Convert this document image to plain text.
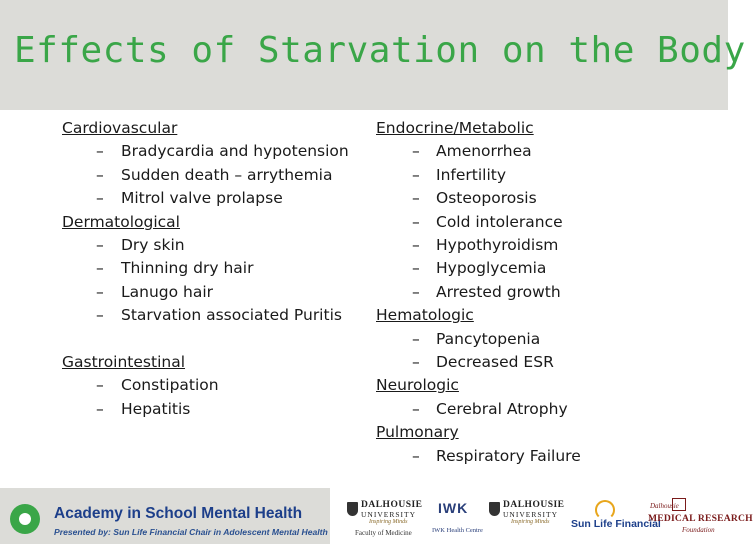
Effects of Starvation on the Body
Cardiovascular
– Bradycardia and hypotension
– Sudden death – arrythemia
– Mitrol valve prolapse
Dermatological
– Dry skin
– Thinning dry hair
– Lanugo hair
– Starvation associated Puritis
Gastrointestinal
– Constipation
– Hepatitis
Endocrine/Metabolic
– Amenorrhea
– Infertility
– Osteoporosis
– Cold intolerance
– Hypothyroidism
– Hypoglycemia
– Arrested growth
Hematologic
– Pancytopenia
– Decreased ESR
Neurologic
– Cerebral Atrophy
Pulmonary
– Respiratory Failure
Academy in School Mental Health
Presented by: Sun Life Financial Chair in Adolescent Mental Health
DALHOUSIE
UNIVERSITY
Inspiring Minds
Faculty of Medicine
IWK
IWK Health Centre
DALHOUSIE
UNIVERSITY
Inspiring Minds Sun Life Financial
Dalhousie
MEDICAL RESEARCH
Foundation
